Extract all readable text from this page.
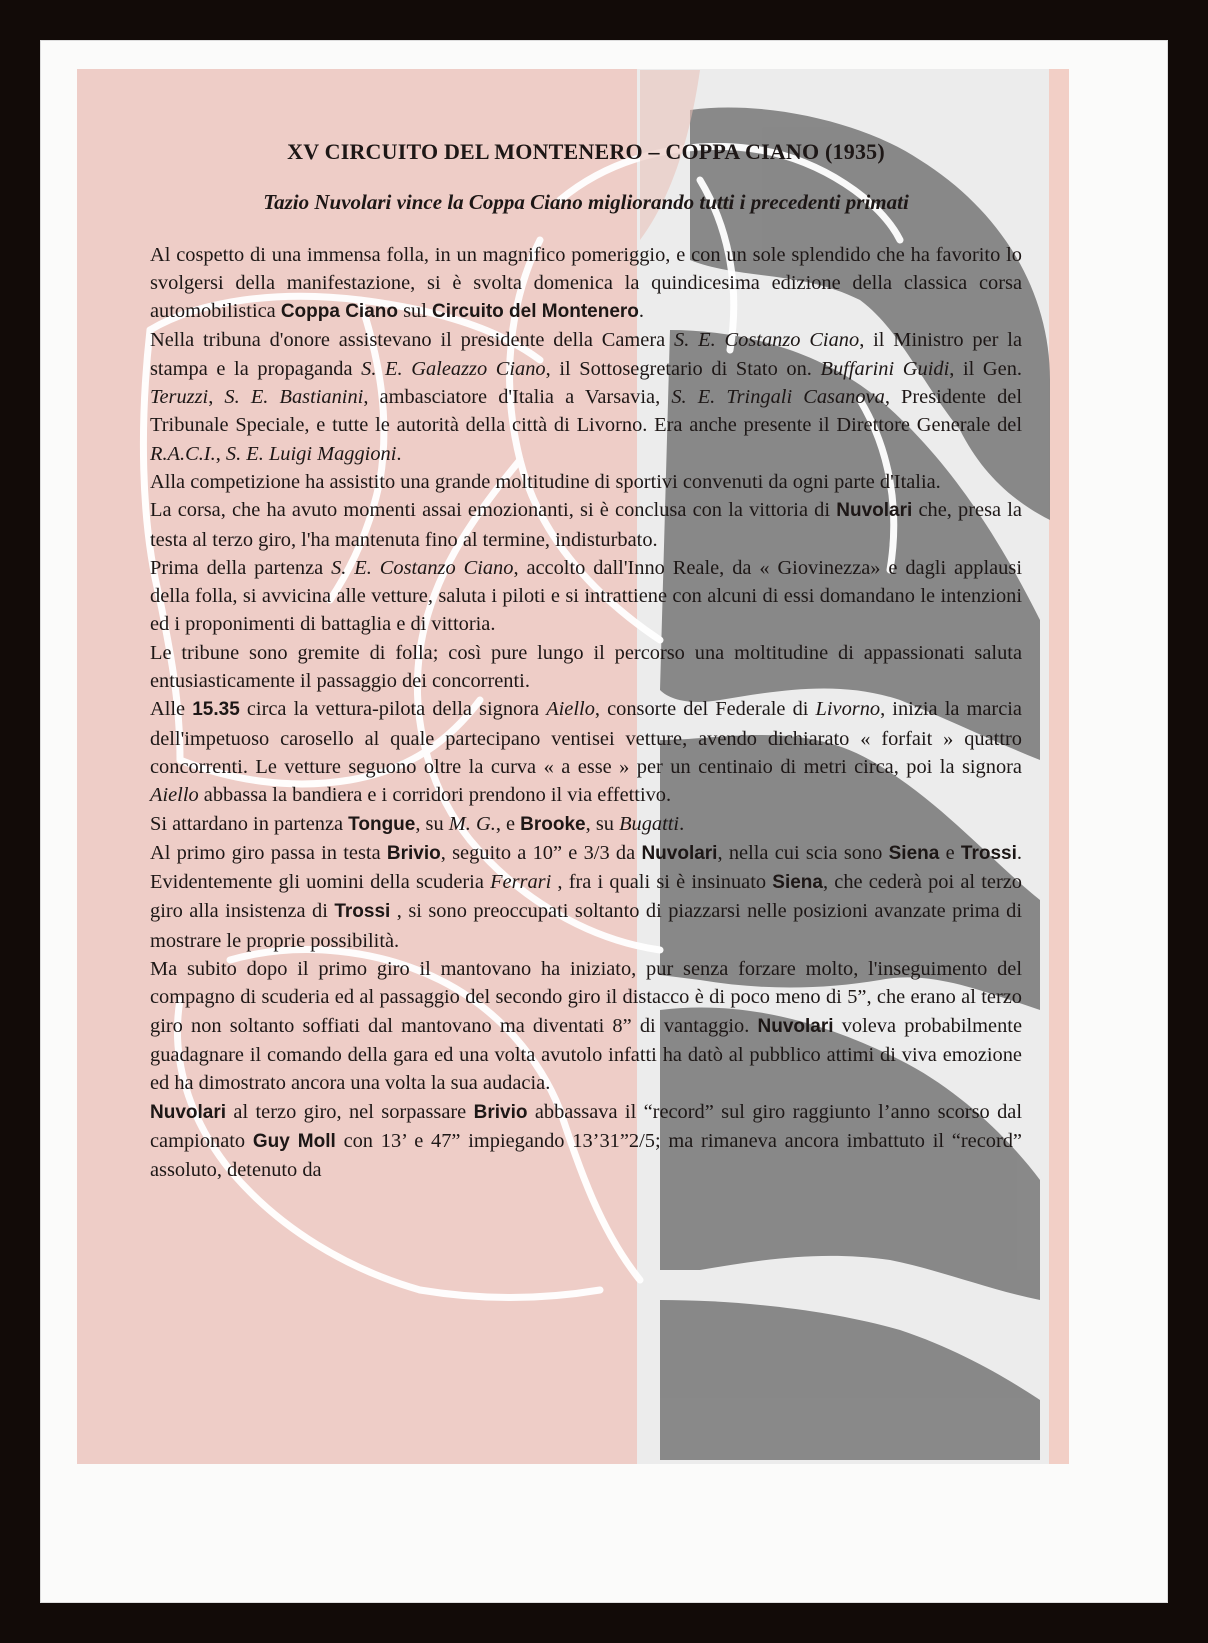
XV CIRCUITO DEL MONTENERO – COPPA CIANO (1935)
Tazio Nuvolari vince la Coppa Ciano migliorando tutti i precedenti primati

Al cospetto di una immensa folla, in un magnifico pomeriggio, e con un sole splendido che ha favorito lo svolgersi della manifestazione, si è svolta domenica la quindicesima edizione della classica corsa automobilistica Coppa Ciano sul Circuito del Montenero.

Nella tribuna d'onore assistevano il presidente della Camera S. E. Costanzo Ciano, il Ministro per la stampa e la propaganda S. E. Galeazzo Ciano, il Sottosegretario di Stato on. Buffarini Guidi, il Gen. Teruzzi, S. E. Bastianini, ambasciatore d'Italia a Varsavia, S. E. Tringali Casanova, Presidente del Tribunale Speciale, e tutte le autorità della città di Livorno. Era anche presente il Direttore Generale del R.A.C.I., S. E. Luigi Maggioni.

Alla competizione ha assistito una grande moltitudine di sportivi convenuti da ogni parte d'Italia.

La corsa, che ha avuto momenti assai emozionanti, si è conclusa con la vittoria di Nuvolari che, presa la testa al terzo giro, l'ha mantenuta fino al termine, indisturbato.

Prima della partenza S. E. Costanzo Ciano, accolto dall'Inno Reale, da « Giovinezza» e dagli applausi della folla, si avvicina alle vetture, saluta i piloti e si intrattiene con alcuni di essi domandano le intenzioni ed i proponimenti di battaglia e di vittoria.

Le tribune sono gremite di folla; così pure lungo il percorso una moltitudine di appassionati saluta entusiasticamente il passaggio dei concorrenti.

Alle 15.35 circa la vettura-pilota della signora Aiello, consorte del Federale di Livorno, inizia la marcia dell'impetuoso carosello al quale partecipano ventisei vetture, avendo dichiarato « forfait » quattro concorrenti. Le vetture seguono oltre la curva « a esse » per un centinaio di metri circa, poi la signora Aiello abbassa la bandiera e i corridori prendono il via effettivo.

Si attardano in partenza Tongue, su M. G., e Brooke, su Bugatti.

Al primo giro passa in testa Brivio, seguito a 10” e 3/3 da Nuvolari, nella cui scia sono Siena e Trossi. Evidentemente gli uomini della scuderia Ferrari , fra i quali si è insinuato Siena, che cederà poi al terzo giro alla insistenza di Trossi , si sono preoccupati soltanto di piazzarsi nelle posizioni avanzate prima di mostrare le proprie possibilità.

Ma subito dopo il primo giro il mantovano ha iniziato, pur senza forzare molto, l'inseguimento del compagno di scuderia ed al passaggio del secondo giro il distacco è di poco meno di 5”, che erano al terzo giro non soltanto soffiati dal mantovano ma diventati 8” di vantaggio. Nuvolari voleva probabilmente guadagnare il comando della gara ed una volta avutolo infatti ha datò al pubblico attimi di viva emozione ed ha dimostrato ancora una volta la sua audacia.

Nuvolari al terzo giro, nel sorpassare Brivio abbassava il “record” sul giro raggiunto l’anno scorso dal campionato Guy Moll con 13’ e 47” impiegando 13’31”2/5; ma rimaneva ancora imbattuto il “record” assoluto, detenuto da
